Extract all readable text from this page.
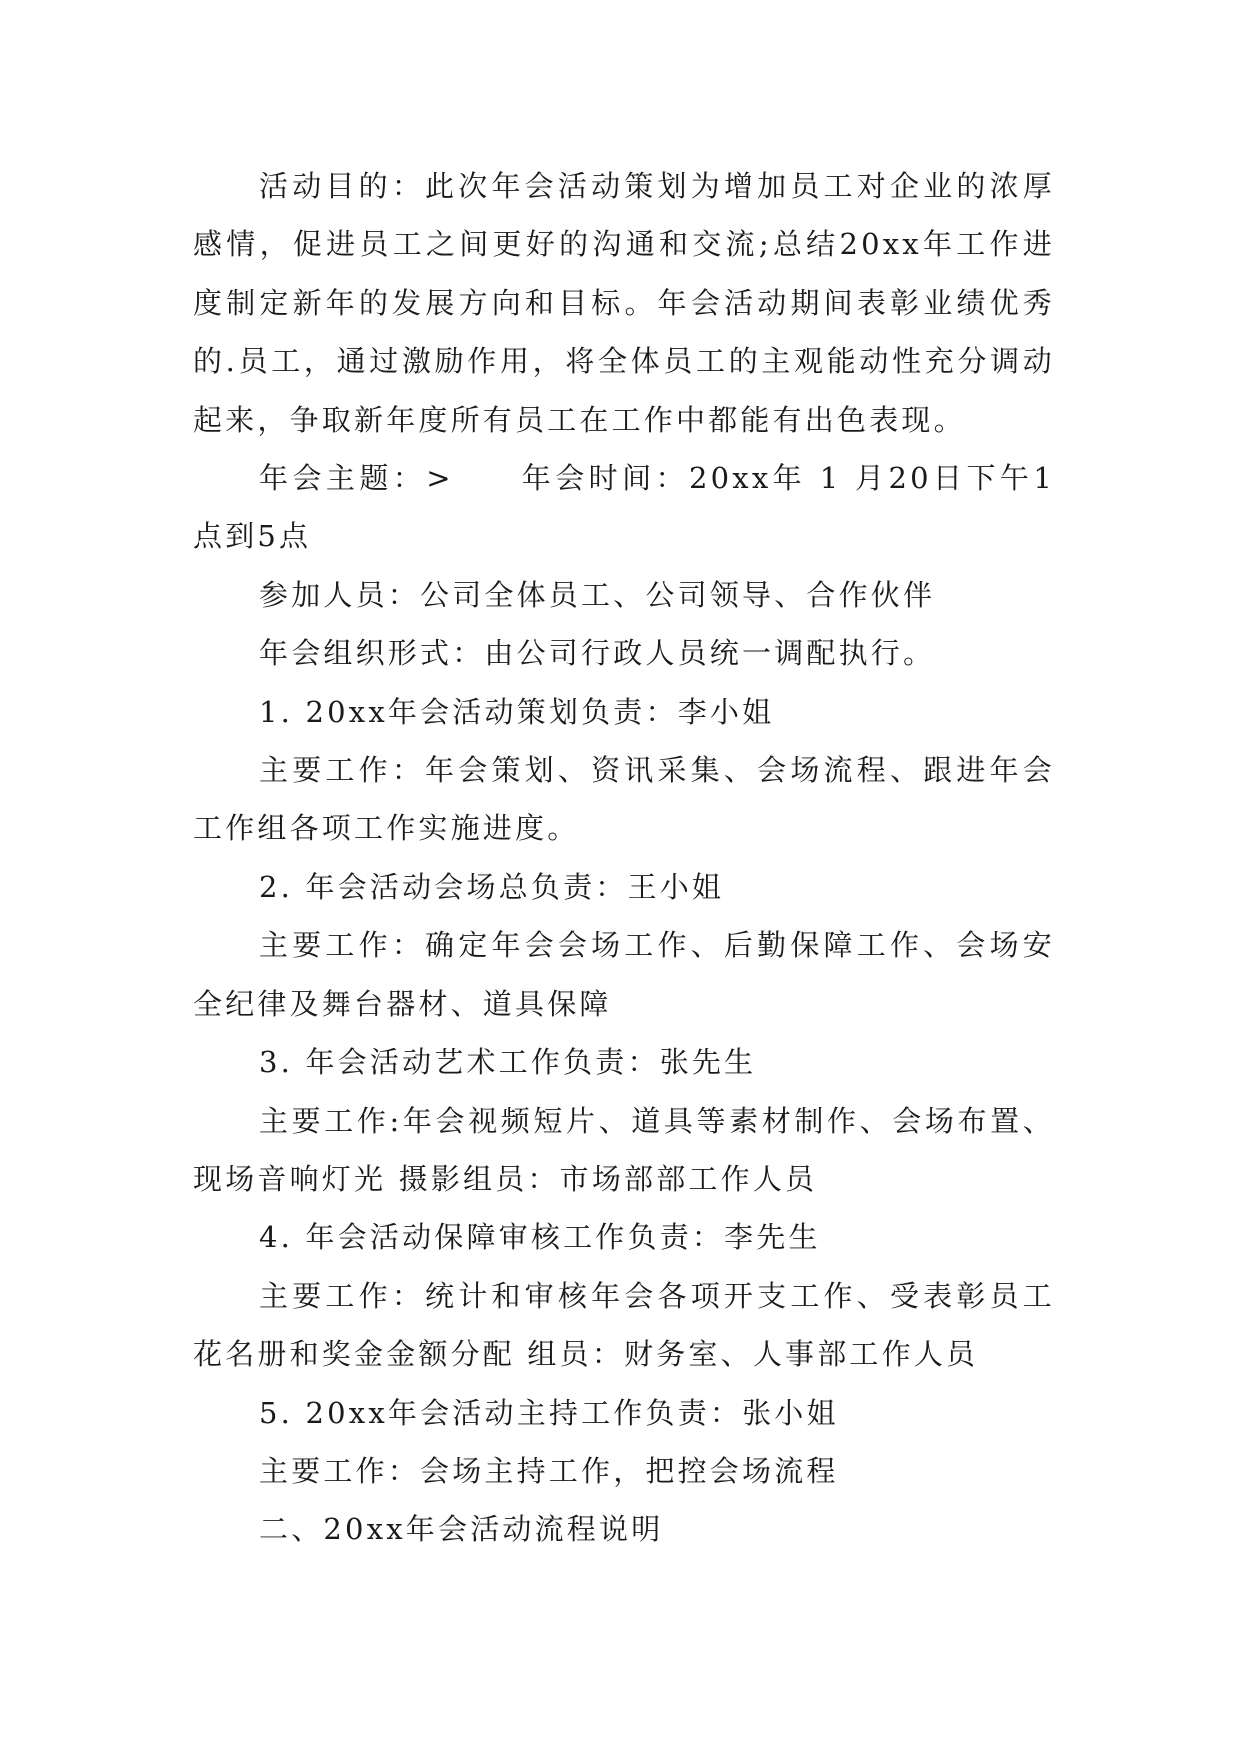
活动目的：此次年会活动策划为增加员工对企业的浓厚感情，促进员工之间更好的沟通和交流;总结20xx年工作进度制定新年的发展方向和目标。年会活动期间表彰业绩优秀的.员工，通过激励作用，将全体员工的主观能动性充分调动起来，争取新年度所有员工在工作中都能有出色表现。

年会主题：>　　年会时间：20xx年 1 月20日下午1点到5点

参加人员：公司全体员工、公司领导、合作伙伴

年会组织形式：由公司行政人员统一调配执行。

1. 20xx年会活动策划负责：李小姐

主要工作：年会策划、资讯采集、会场流程、跟进年会工作组各项工作实施进度。

2. 年会活动会场总负责：王小姐

主要工作：确定年会会场工作、后勤保障工作、会场安全纪律及舞台器材、道具保障

3. 年会活动艺术工作负责：张先生

主要工作:年会视频短片、道具等素材制作、会场布置、现场音响灯光 摄影组员：市场部部工作人员

4. 年会活动保障审核工作负责：李先生

主要工作：统计和审核年会各项开支工作、受表彰员工花名册和奖金金额分配 组员：财务室、人事部工作人员

5. 20xx年会活动主持工作负责：张小姐

主要工作：会场主持工作，把控会场流程

二、20xx年会活动流程说明
